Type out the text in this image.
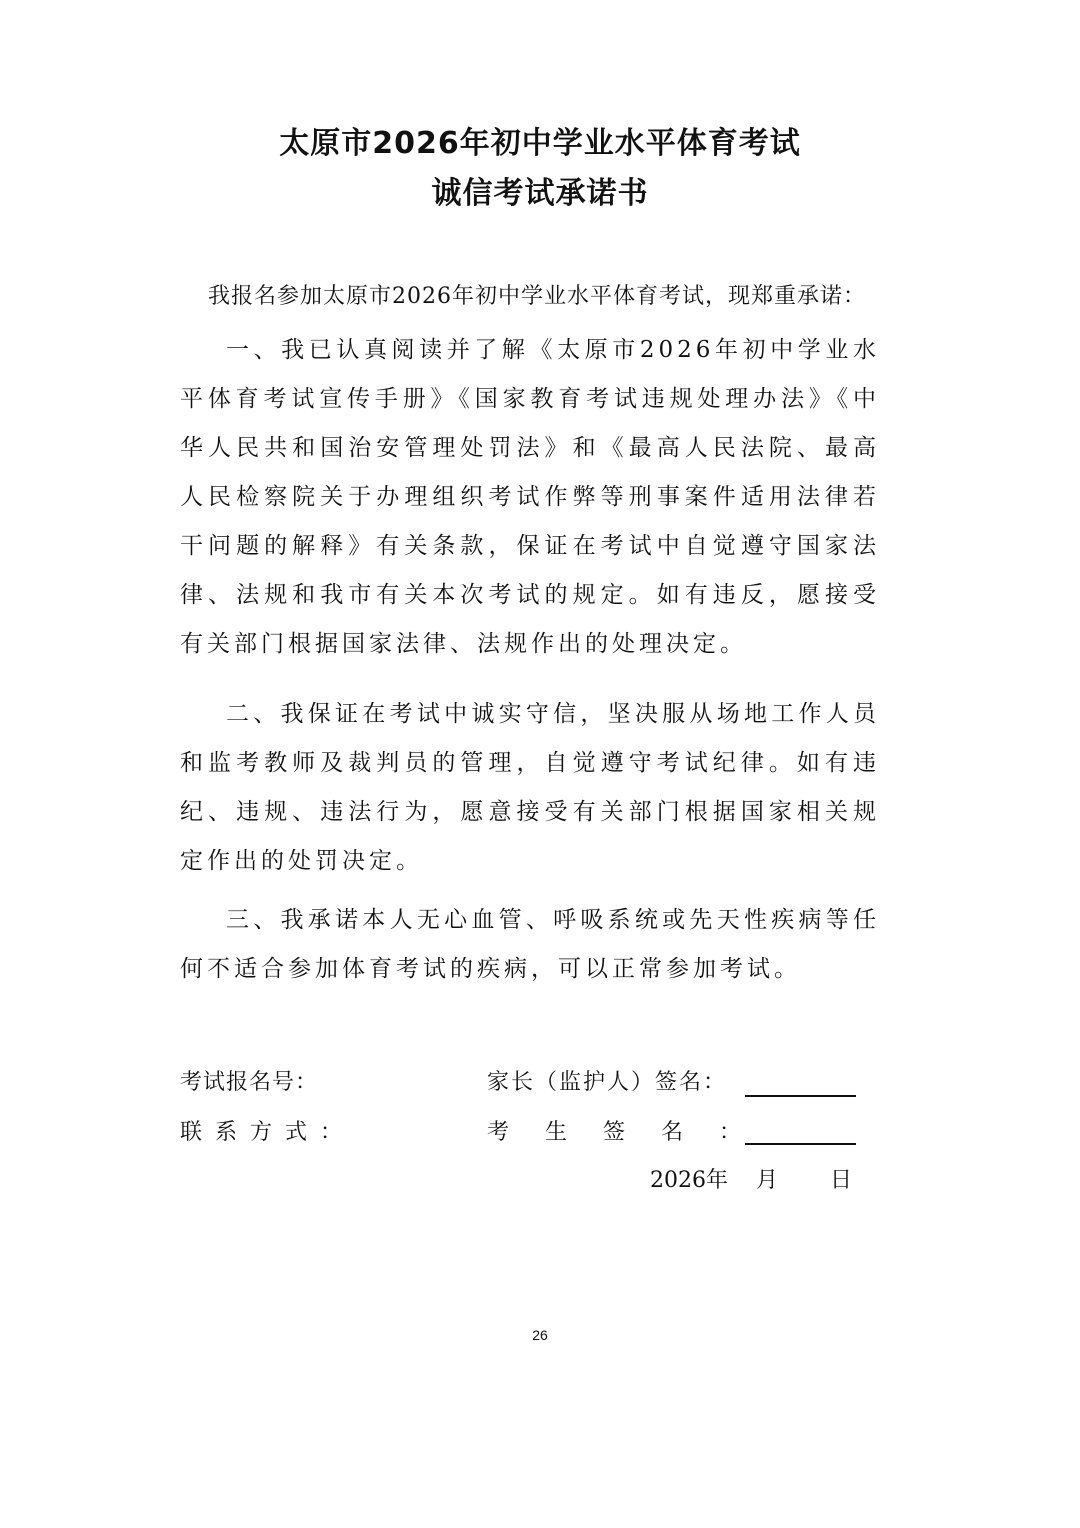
太原市2026年初中学业水平体育考试
诚信考试承诺书
我报名参加太原市2026年初中学业水平体育考试，现郑重承诺：

一、我已认真阅读并了解《太原市2026年初中学业水平体育考试宣传手册》《国家教育考试违规处理办法》《中华人民共和国治安管理处罚法》和《最高人民法院、最高人民检察院关于办理组织考试作弊等刑事案件适用法律若干问题的解释》有关条款，保证在考试中自觉遵守国家法律、法规和我市有关本次考试的规定。如有违反，愿接受有关部门根据国家法律、法规作出的处理决定。

二、我保证在考试中诚实守信，坚决服从场地工作人员和监考教师及裁判员的管理，自觉遵守考试纪律。如有违纪、违规、违法行为，愿意接受有关部门根据国家相关规定作出的处罚决定。

三、我承诺本人无心血管、呼吸系统或先天性疾病等任何不适合参加体育考试的疾病，可以正常参加考试。

考试报名号：
联系方式：
家长（监护人）签名：
考生签名：
2026年 月 日
26
